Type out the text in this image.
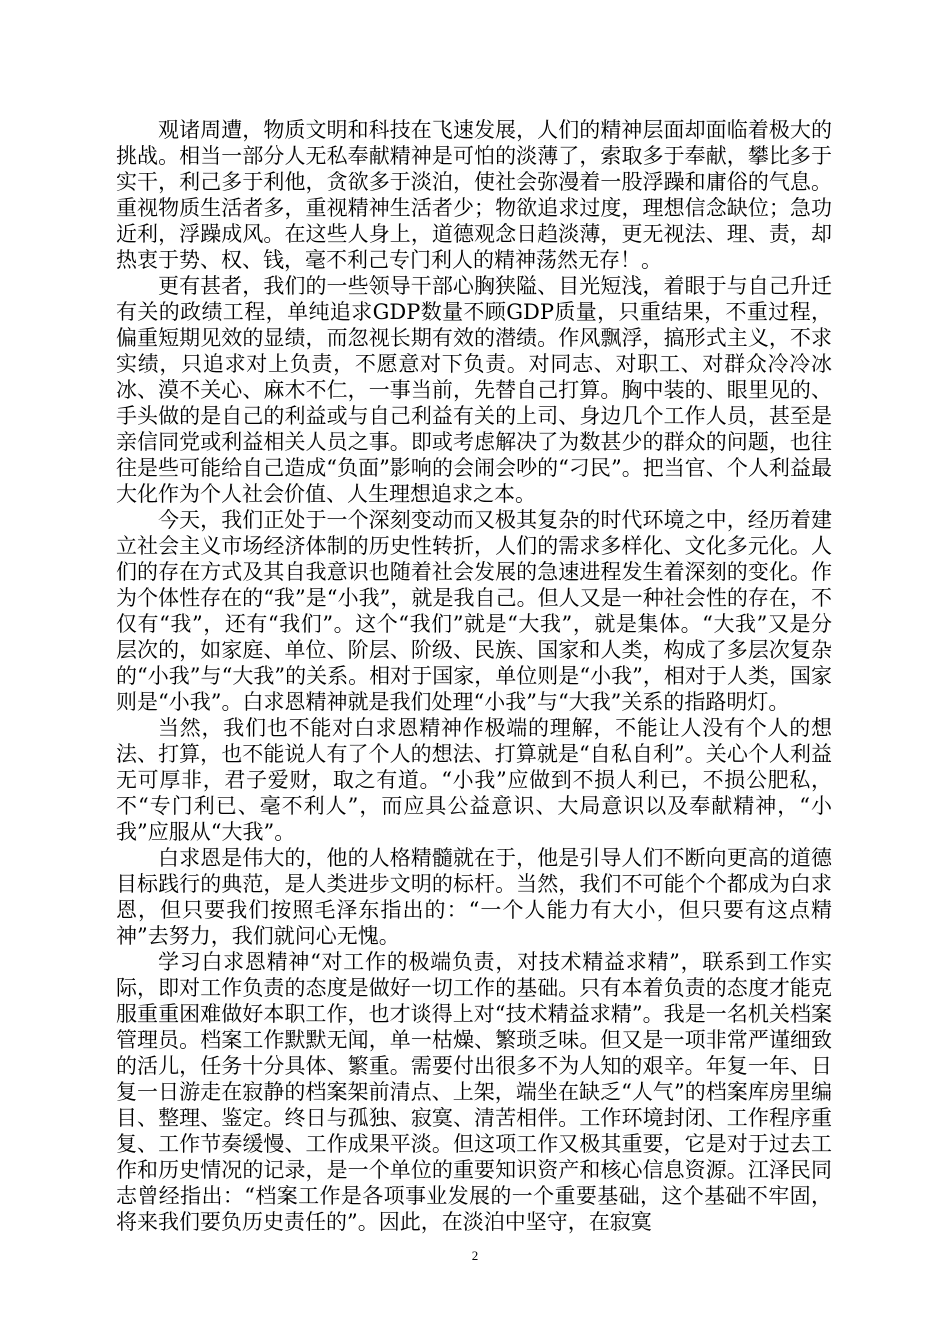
观诸周遭，物质文明和科技在飞速发展，人们的精神层面却面临着极大的挑战。相当一部分人无私奉献精神是可怕的淡薄了，索取多于奉献，攀比多于实干，利己多于利他，贪欲多于淡泊，使社会弥漫着一股浮躁和庸俗的气息。重视物质生活者多，重视精神生活者少；物欲追求过度，理想信念缺位；急功近利，浮躁成风。在这些人身上，道德观念日趋淡薄，更无视法、理、责，却热衷于势、权、钱，毫不利己专门利人的精神荡然无存！。

更有甚者，我们的一些领导干部心胸狭隘、目光短浅，着眼于与自己升迁有关的政绩工程，单纯追求GDP数量不顾GDP质量，只重结果，不重过程，偏重短期见效的显绩，而忽视长期有效的潜绩。作风飘浮，搞形式主义，不求实绩，只追求对上负责，不愿意对下负责。对同志、对职工、对群众冷冷冰冰、漠不关心、麻木不仁，一事当前，先替自己打算。胸中装的、眼里见的、手头做的是自己的利益或与自己利益有关的上司、身边几个工作人员，甚至是亲信同党或利益相关人员之事。即或考虑解决了为数甚少的群众的问题，也往往是些可能给自己造成“负面”影响的会闹会吵的“刁民”。把当官、个人利益最大化作为个人社会价值、人生理想追求之本。

今天，我们正处于一个深刻变动而又极其复杂的时代环境之中，经历着建立社会主义市场经济体制的历史性转折，人们的需求多样化、文化多元化。人们的存在方式及其自我意识也随着社会发展的急速进程发生着深刻的变化。作为个体性存在的“我”是“小我”，就是我自己。但人又是一种社会性的存在，不仅有“我”，还有“我们”。这个“我们”就是“大我”，就是集体。“大我”又是分层次的，如家庭、单位、阶层、阶级、民族、国家和人类，构成了多层次复杂的“小我”与“大我”的关系。相对于国家，单位则是“小我”，相对于人类，国家则是“小我”。白求恩精神就是我们处理“小我”与“大我”关系的指路明灯。

当然，我们也不能对白求恩精神作极端的理解，不能让人没有个人的想法、打算，也不能说人有了个人的想法、打算就是“自私自利”。关心个人利益无可厚非，君子爱财，取之有道。“小我”应做到不损人利已，不损公肥私，不“专门利已、毫不利人”，而应具公益意识、大局意识以及奉献精神，“小我”应服从“大我”。

白求恩是伟大的，他的人格精髓就在于，他是引导人们不断向更高的道德目标践行的典范，是人类进步文明的标杆。当然，我们不可能个个都成为白求恩，但只要我们按照毛泽东指出的：“一个人能力有大小，但只要有这点精神”去努力，我们就问心无愧。

学习白求恩精神“对工作的极端负责，对技术精益求精”，联系到工作实际，即对工作负责的态度是做好一切工作的基础。只有本着负责的态度才能克服重重困难做好本职工作，也才谈得上对“技术精益求精”。我是一名机关档案管理员。档案工作默默无闻，单一枯燥、繁琐乏味。但又是一项非常严谨细致的活儿，任务十分具体、繁重。需要付出很多不为人知的艰辛。年复一年、日复一日游走在寂静的档案架前清点、上架，端坐在缺乏“人气”的档案库房里编目、整理、鉴定。终日与孤独、寂寞、清苦相伴。工作环境封闭、工作程序重复、工作节奏缓慢、工作成果平淡。但这项工作又极其重要，它是对于过去工作和历史情况的记录，是一个单位的重要知识资产和核心信息资源。江泽民同志曾经指出：“档案工作是各项事业发展的一个重要基础，这个基础不牢固，将来我们要负历史责任的”。因此，在淡泊中坚守，在寂寞

2
